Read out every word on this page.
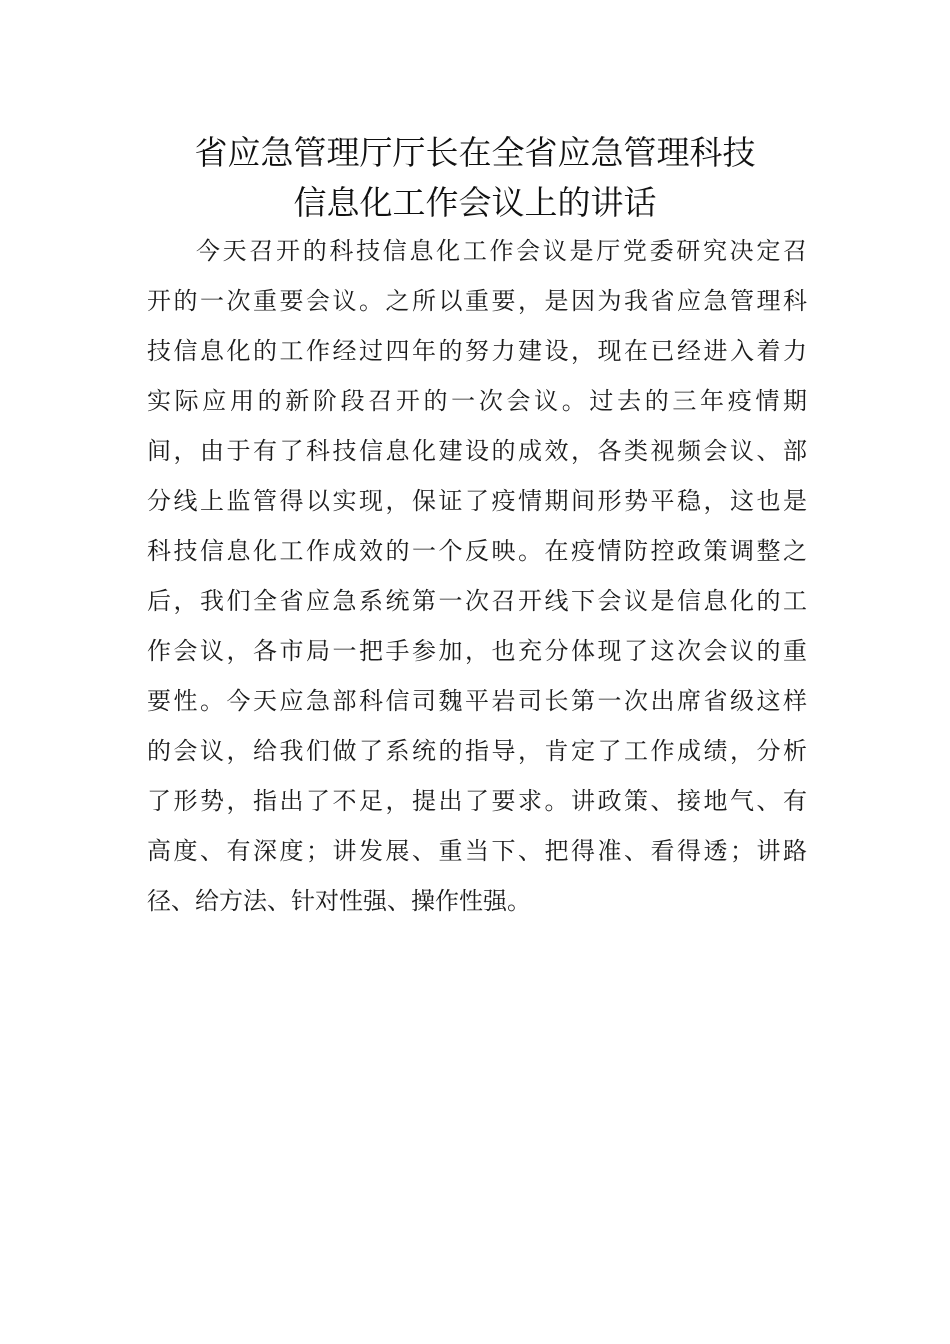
省应急管理厅厅长在全省应急管理科技
信息化工作会议上的讲话
今天召开的科技信息化工作会议是厅党委研究决定召
开的一次重要会议。之所以重要，是因为我省应急管理科
技信息化的工作经过四年的努力建设，现在已经进入着力
实际应用的新阶段召开的一次会议。过去的三年疫情期
间，由于有了科技信息化建设的成效，各类视频会议、部
分线上监管得以实现，保证了疫情期间形势平稳，这也是
科技信息化工作成效的一个反映。在疫情防控政策调整之
后，我们全省应急系统第一次召开线下会议是信息化的工
作会议，各市局一把手参加，也充分体现了这次会议的重
要性。今天应急部科信司魏平岩司长第一次出席省级这样
的会议，给我们做了系统的指导，肯定了工作成绩，分析
了形势，指出了不足，提出了要求。讲政策、接地气、有
高度、有深度；讲发展、重当下、把得准、看得透；讲路
径、给方法、针对性强、操作性强。
